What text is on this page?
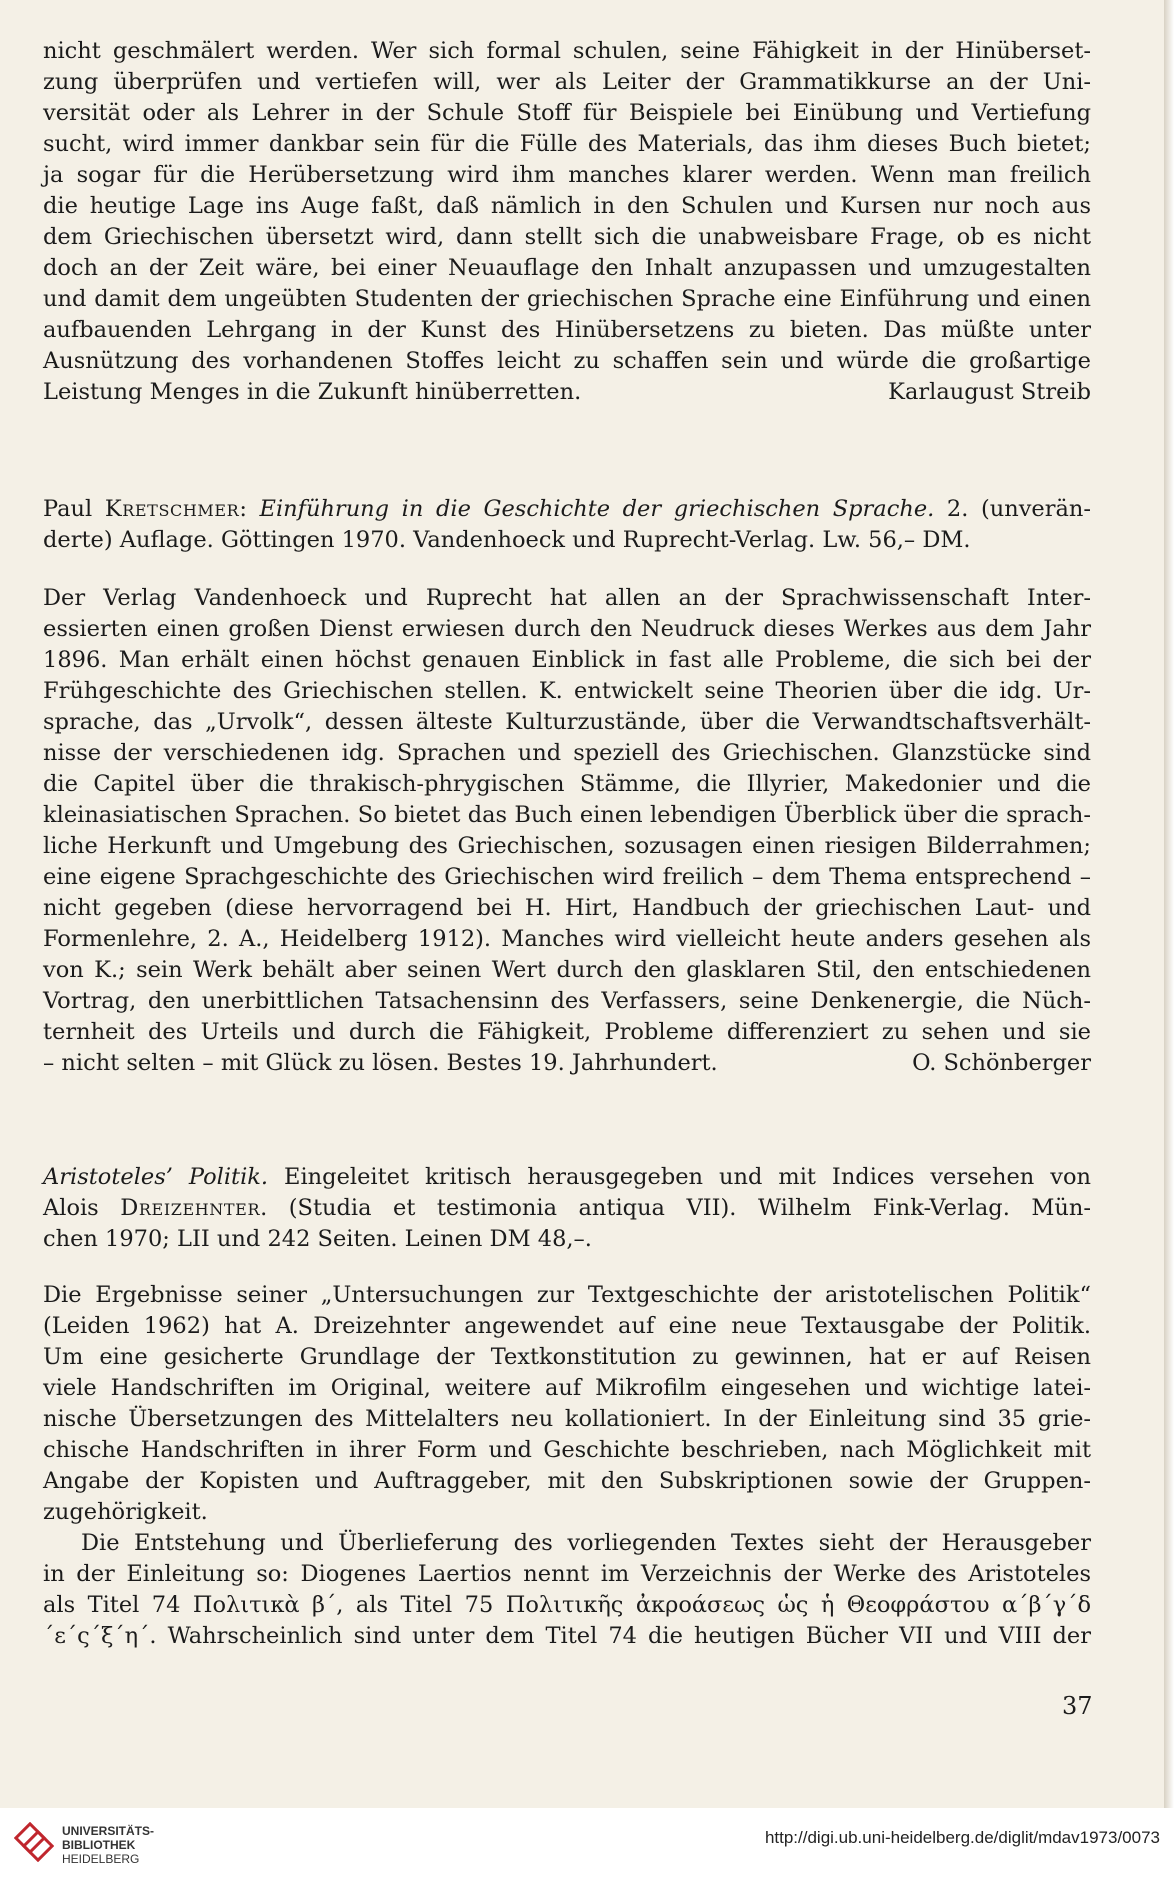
nicht geschmälert werden. Wer sich formal schulen, seine Fähigkeit in der Hinüberset-
zung überprüfen und vertiefen will, wer als Leiter der Grammatikkurse an der Uni-
versität oder als Lehrer in der Schule Stoff für Beispiele bei Einübung und Vertiefung
sucht, wird immer dankbar sein für die Fülle des Materials, das ihm dieses Buch bietet;
ja sogar für die Herübersetzung wird ihm manches klarer werden. Wenn man freilich
die heutige Lage ins Auge faßt, daß nämlich in den Schulen und Kursen nur noch aus
dem Griechischen übersetzt wird, dann stellt sich die unabweisbare Frage, ob es nicht
doch an der Zeit wäre, bei einer Neuauflage den Inhalt anzupassen und umzugestalten
und damit dem ungeübten Studenten der griechischen Sprache eine Einführung und einen
aufbauenden Lehrgang in der Kunst des Hinübersetzens zu bieten. Das müßte unter
Ausnützung des vorhandenen Stoffes leicht zu schaffen sein und würde die großartige
Leistung Menges in die Zukunft hinüberretten.	Karlaugust Streib
Paul Kretschmer: Einführung in die Geschichte der griechischen Sprache. 2. (unverän-
derte) Auflage. Göttingen 1970. Vandenhoeck und Ruprecht-Verlag. Lw. 56,– DM.
Der Verlag Vandenhoeck und Ruprecht hat allen an der Sprachwissenschaft Inter-
essierten einen großen Dienst erwiesen durch den Neudruck dieses Werkes aus dem Jahr
1896. Man erhält einen höchst genauen Einblick in fast alle Probleme, die sich bei der
Frühgeschichte des Griechischen stellen. K. entwickelt seine Theorien über die idg. Ur-
sprache, das „Urvolk“, dessen älteste Kulturzustände, über die Verwandtschaftsverhält-
nisse der verschiedenen idg. Sprachen und speziell des Griechischen. Glanzstücke sind
die Capitel über die thrakisch-phrygischen Stämme, die Illyrier, Makedonier und die
kleinasiatischen Sprachen. So bietet das Buch einen lebendigen Überblick über die sprach-
liche Herkunft und Umgebung des Griechischen, sozusagen einen riesigen Bilderrahmen;
eine eigene Sprachgeschichte des Griechischen wird freilich – dem Thema entsprechend –
nicht gegeben (diese hervorragend bei H. Hirt, Handbuch der griechischen Laut- und
Formenlehre, 2. A., Heidelberg 1912). Manches wird vielleicht heute anders gesehen als
von K.; sein Werk behält aber seinen Wert durch den glasklaren Stil, den entschiedenen
Vortrag, den unerbittlichen Tatsachensinn des Verfassers, seine Denkenergie, die Nüch-
ternheit des Urteils und durch die Fähigkeit, Probleme differenziert zu sehen und sie
– nicht selten – mit Glück zu lösen. Bestes 19. Jahrhundert.	O. Schönberger
Aristoteles’ Politik. Eingeleitet kritisch herausgegeben und mit Indices versehen von
Alois Dreizehnter. (Studia et testimonia antiqua VII). Wilhelm Fink-Verlag. Mün-
chen 1970; LII und 242 Seiten. Leinen DM 48,–.
Die Ergebnisse seiner „Untersuchungen zur Textgeschichte der aristotelischen Politik“
(Leiden 1962) hat A. Dreizehnter angewendet auf eine neue Textausgabe der Politik.
Um eine gesicherte Grundlage der Textkonstitution zu gewinnen, hat er auf Reisen
viele Handschriften im Original, weitere auf Mikrofilm eingesehen und wichtige latei-
nische Übersetzungen des Mittelalters neu kollationiert. In der Einleitung sind 35 grie-
chische Handschriften in ihrer Form und Geschichte beschrieben, nach Möglichkeit mit
Angabe der Kopisten und Auftraggeber, mit den Subskriptionen sowie der Gruppen-
zugehörigkeit.
Die Entstehung und Überlieferung des vorliegenden Textes sieht der Herausgeber
in der Einleitung so: Diogenes Laertios nennt im Verzeichnis der Werke des Aristoteles
als Titel 74 Πολιτικὰ β΄, als Titel 75 Πολιτικῆς ἀκροάσεως ὡς ἡ Θεοφράστου α΄β΄γ΄δ
΄ε΄ς΄ξ΄η΄. Wahrscheinlich sind unter dem Titel 74 die heutigen Bücher VII und VIII der
37
UNIVERSITÄTS-
BIBLIOTHEK
HEIDELBERG
http://digi.ub.uni-heidelberg.de/diglit/mdav1973/0073
